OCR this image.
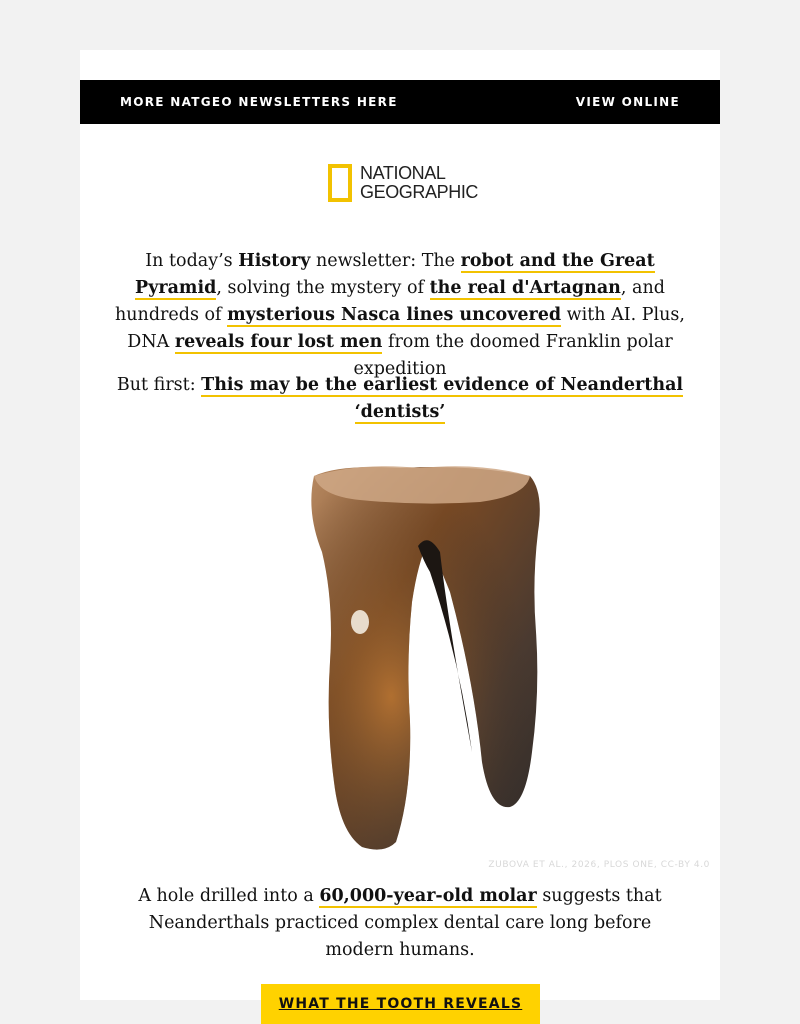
MORE NATGEO NEWSLETTERS HERE	VIEW ONLINE
NATIONAL
GEOGRAPHIC
In today’s History newsletter: The robot and the Great Pyramid, solving the mystery of the real d'Artagnan, and hundreds of mysterious Nasca lines uncovered with AI. Plus, DNA reveals four lost men from the doomed Franklin polar expedition
But first: This may be the earliest evidence of Neanderthal ‘dentists’
ZUBOVA ET AL., 2026, PLOS ONE, CC-BY 4.0
A hole drilled into a 60,000-year-old molar suggests that Neanderthals practiced complex dental care long before modern humans.
WHAT THE TOOTH REVEALS
